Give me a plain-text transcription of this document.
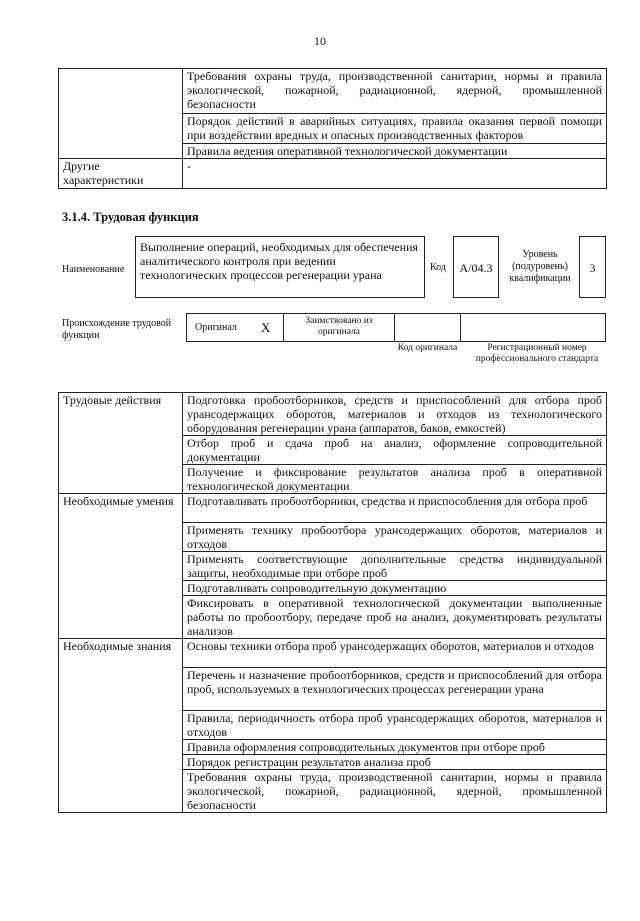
10
	Требования охраны труда, производственной санитарии, нормы и правила экологической, пожарной, радиационной, ядерной, промышленной безопасности
	Порядок действий в аварийных ситуациях, правила оказания первой помощи при воздействии вредных и опасных производственных факторов
	Правила ведения оперативной технологической документации
Другие характеристики	-
3.1.4. Трудовая функция
Наименование
Выполнение операций, необходимых для обеспечения аналитического контроля при ведении технологических процессов регенерации урана
Код	А/04.3
Уровень (подуровень) квалификации
3
Происхождение трудовой функции
Оригинал X	Заимствовано из оригинала
Код оригинала	Регистрационный номер профессионального стандарта
Трудовые действия	Подготовка пробоотборников, средств и приспособлений для отбора проб урансодержащих оборотов, материалов и отходов из технологического оборудования регенерации урана (аппаратов, баков, емкостей)
	Отбор проб и сдача проб на анализ, оформление сопроводительной документации
	Получение и фиксирование результатов анализа проб в оперативной технологической документации
Необходимые умения	Подготавливать пробоотборники, средства и приспособления для отбора проб
	Применять технику пробоотбора урансодержащих оборотов, материалов и отходов
	Применять соответствующие дополнительные средства индивидуальной защиты, необходимые при отборе проб
	Подготавливать сопроводительную документацию
	Фиксировать в оперативной технологической документации выполненные работы по пробоотбору, передаче проб на анализ, документировать результаты анализов
Необходимые знания	Основы техники отбора проб урансодержащих оборотов, материалов и отходов
	Перечень и назначение пробоотборников, средств и приспособлений для отбора проб, используемых в технологических процессах регенерации урана
	Правила, периодичность отбора проб урансодержащих оборотов, материалов и отходов
	Правила оформления сопроводительных документов при отборе проб
	Порядок регистрации результатов анализа проб
	Требования охраны труда, производственной санитарии, нормы и правила экологической, пожарной, радиационной, ядерной, промышленной безопасности
